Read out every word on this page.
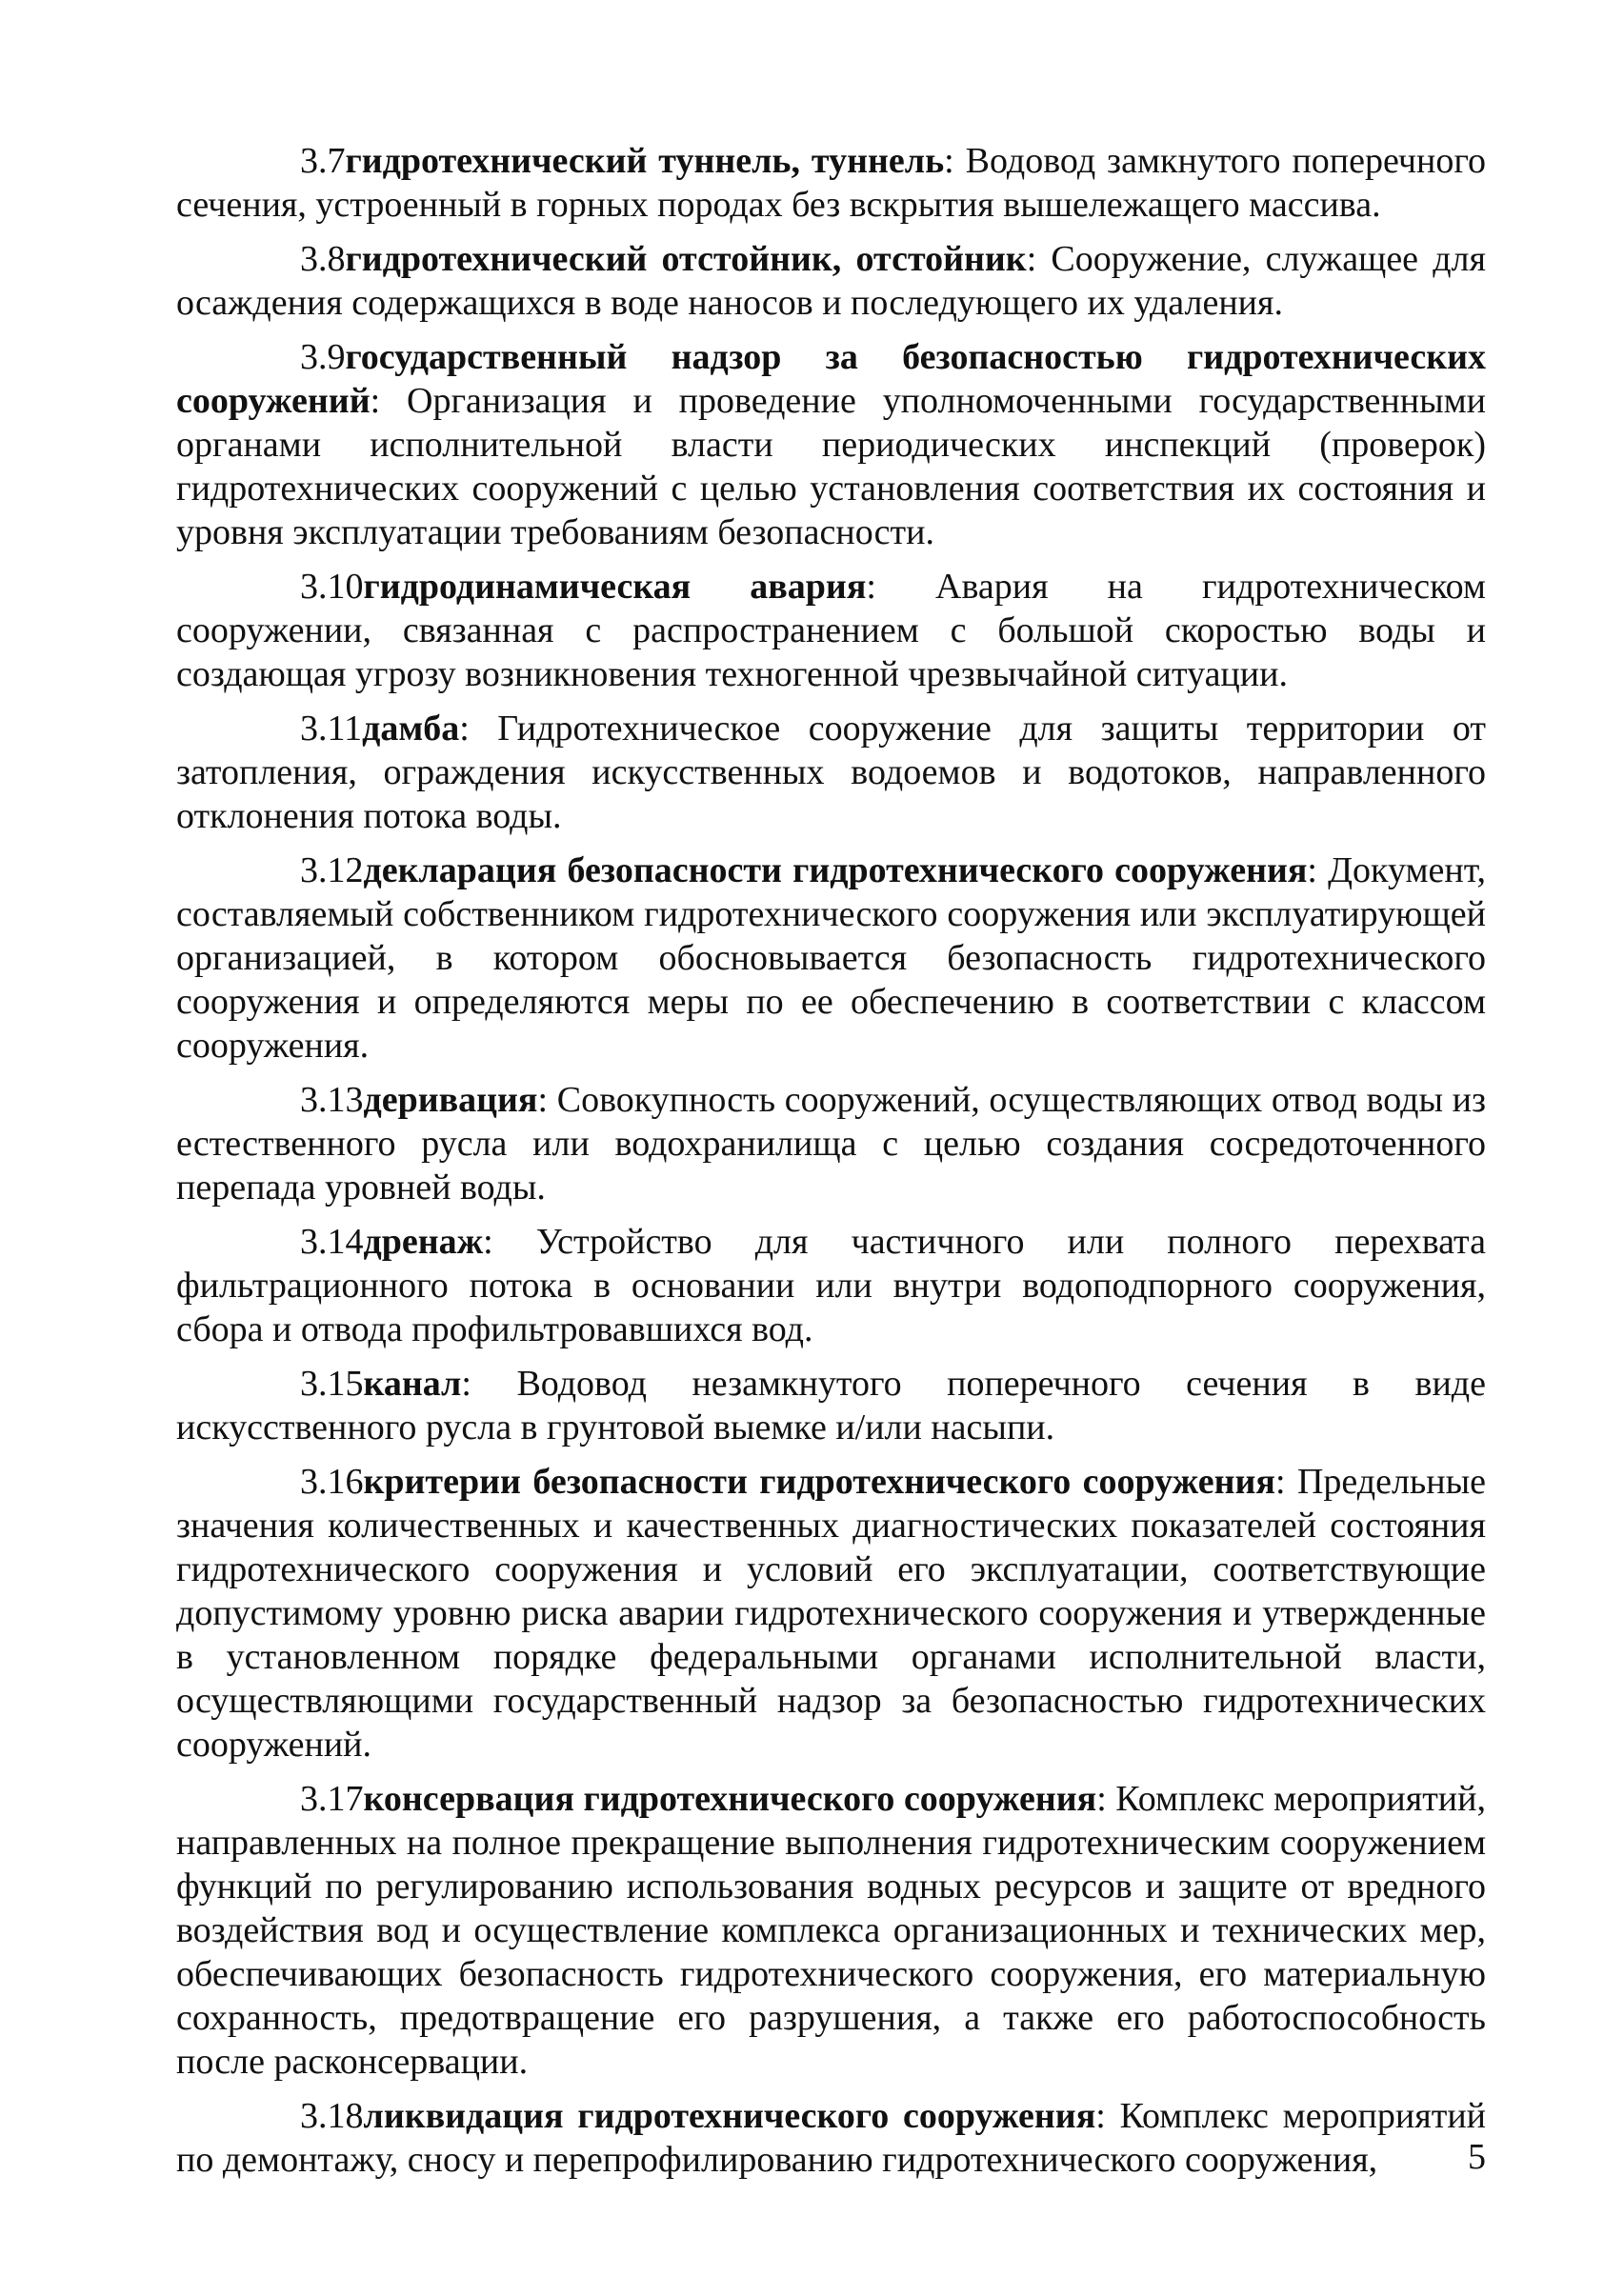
3.7гидротехнический туннель, туннель: Водовод замкнутого поперечного сечения, устроенный в горных породах без вскрытия вышележащего массива.

3.8гидротехнический отстойник, отстойник: Сооружение, служащее для осаждения содержащихся в воде наносов и последующего их удаления.

3.9государственный надзор за безопасностью гидротехнических сооружений: Организация и проведение уполномоченными государственными органами исполнительной власти периодических инспекций (проверок) гидротехнических сооружений с целью установления соответствия их состояния и уровня эксплуатации требованиям безопасности.

3.10гидродинамическая авария: Авария на гидротехническом сооружении, связанная с распространением с большой скоростью воды и создающая угрозу возникновения техногенной чрезвычайной ситуации.

3.11дамба: Гидротехническое сооружение для защиты территории от затопления, ограждения искусственных водоемов и водотоков, направленного отклонения потока воды.

3.12декларация безопасности гидротехнического сооружения: Документ, составляемый собственником гидротехнического сооружения или эксплуатирующей организацией, в котором обосновывается безопасность гидротехнического сооружения и определяются меры по ее обеспечению в соответствии с классом сооружения.

3.13деривация: Совокупность сооружений, осуществляющих отвод воды из естественного русла или водохранилища с целью создания сосредоточенного перепада уровней воды.

3.14дренаж: Устройство для частичного или полного перехвата фильтрационного потока в основании или внутри водоподпорного сооружения, сбора и отвода профильтровавшихся вод.

3.15канал: Водовод незамкнутого поперечного сечения в виде искусственного русла в грунтовой выемке и/или насыпи.

3.16критерии безопасности гидротехнического сооружения: Предельные значения количественных и качественных диагностических показателей состояния гидротехнического сооружения и условий его эксплуатации, соответствующие допустимому уровню риска аварии гидротехнического сооружения и утвержденные в установленном порядке федеральными органами исполнительной власти, осуществляющими государственный надзор за безопасностью гидротехнических сооружений.

3.17консервация гидротехнического сооружения: Комплекс мероприятий, направленных на полное прекращение выполнения гидротехническим сооружением функций по регулированию использования водных ресурсов и защите от вредного воздействия вод и осуществление комплекса организационных и технических мер, обеспечивающих безопасность гидротехнического сооружения, его материальную сохранность, предотвращение его разрушения, а также его работоспособность после расконсервации.

3.18ликвидация гидротехнического сооружения: Комплекс мероприятий по демонтажу, сносу и перепрофилированию гидротехнического сооружения,	5
